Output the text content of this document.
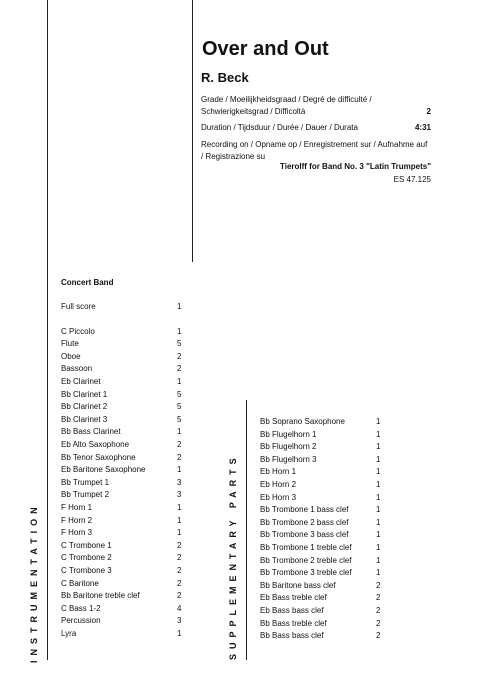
INSTRUMENTATION	SUPPLEMENTARY PARTS
Over and Out
R. Beck
Grade / Moeilijkheidsgraad / Degré de difficulté / Schwierigkeitsgrad / Difficoltà	2
Duration / Tijdsduur / Durée / Dauer / Durata	4:31
Recording on / Opname op / Enregistrement sur / Aufnahme auf / Registrazione su
Tierolff for Band No. 3 "Latin Trumpets"
ES 47.125
Concert Band
Full score	1
C Piccolo	1
Flute	5
Oboe	2
Bassoon	2
Eb Clarinet	1
Bb Clarinet 1	5
Bb Clarinet 2	5
Bb Clarinet 3	5
Bb Bass Clarinet	1
Eb Alto Saxophone	2
Bb Tenor Saxophone	2
Eb Baritone Saxophone	1
Bb Trumpet 1	3
Bb Trumpet 2	3
F Horn 1	1
F Horn 2	1
F Horn 3	1
C Trombone 1	2
C Trombone 2	2
C Trombone 3	2
C Baritone	2
Bb Baritone treble clef	2
C Bass 1-2	4
Percussion	3
Lyra	1
Bb Soprano Saxophone	1
Bb Flugelhorn 1	1
Bb Flugelhorn 2	1
Bb Flugelhorn 3	1
Eb Horn 1	1
Eb Horn 2	1
Eb Horn 3	1
Bb Trombone 1 bass clef	1
Bb Trombone 2 bass clef	1
Bb Trombone 3 bass clef	1
Bb Trombone 1 treble clef	1
Bb Trombone 2 treble clef	1
Bb Trombone 3 treble clef	1
Bb Baritone bass clef	2
Eb Bass treble clef	2
Eb Bass bass clef	2
Bb Bass treble clef	2
Bb Bass bass clef	2
